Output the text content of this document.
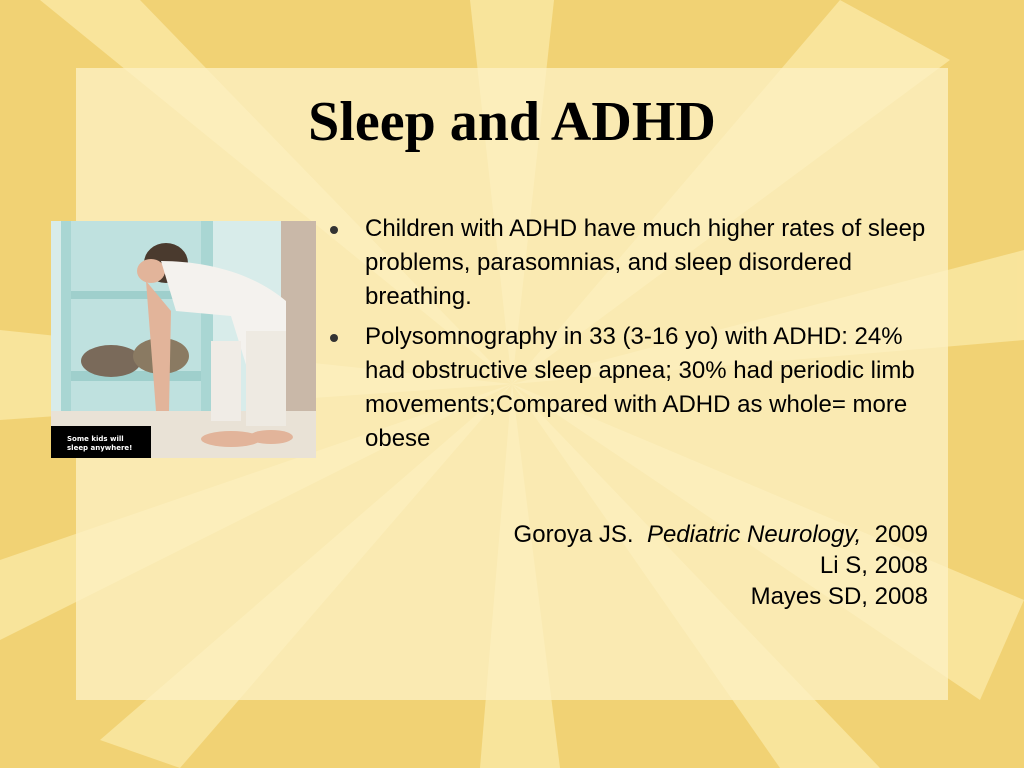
Sleep and ADHD
Some kids will
sleep anywhere!
Children with ADHD have much higher rates of sleep problems, parasomnias, and sleep disordered breathing.
Polysomnography in 33 (3-16 yo) with ADHD: 24% had obstructive sleep apnea; 30% had periodic limb movements;Compared with ADHD as whole= more obese
Goroya JS. Pediatric Neurology, 2009
Li S, 2008
Mayes SD, 2008
